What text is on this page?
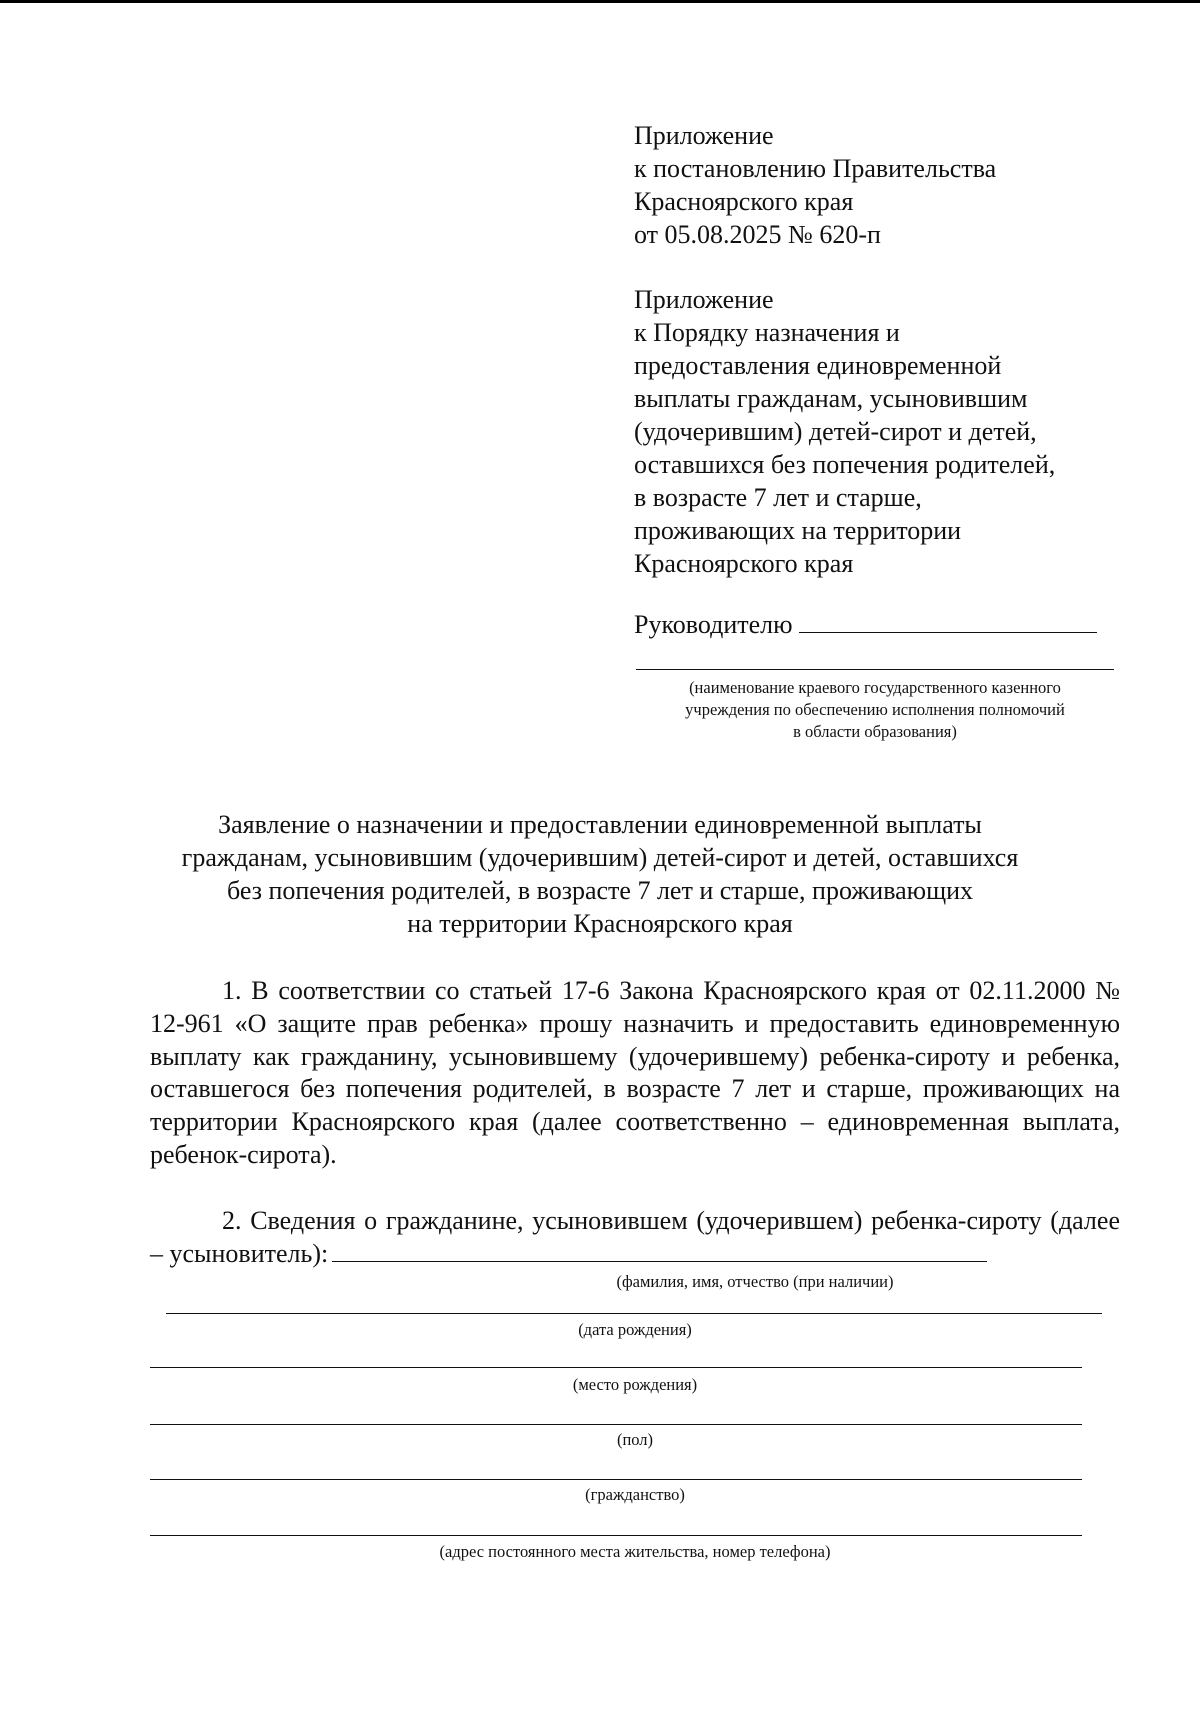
Приложение
к постановлению Правительства
Красноярского края
от 05.08.2025 № 620-п
Приложение
к Порядку назначения и
предоставления единовременной
выплаты гражданам, усыновившим
(удочерившим) детей-сирот и детей,
оставшихся без попечения родителей,
в возрасте 7 лет и старше,
проживающих на территории
Красноярского края
Руководителю
(наименование краевого государственного казенного
учреждения по обеспечению исполнения полномочий
в области образования)
Заявление о назначении и предоставлении единовременной выплаты
гражданам, усыновившим (удочерившим) детей-сирот и детей, оставшихся
без попечения родителей, в возрасте 7 лет и старше, проживающих
на территории Красноярского края
1. В соответствии со статьей 17-6 Закона Красноярского края от 02.11.2000 № 12-961 «О защите прав ребенка» прошу назначить и предоставить единовременную выплату как гражданину, усыновившему (удочерившему) ребенка-сироту и ребенка, оставшегося без попечения родителей, в возрасте 7 лет и старше, проживающих на территории Красноярского края (далее соответственно – единовременная выплата, ребенок-сирота).
2. Сведения о гражданине, усыновившем (удочерившем) ребенка-сироту (далее – усыновитель):
(фамилия, имя, отчество (при наличии)
(дата рождения)
(место рождения)
(пол)
(гражданство)
(адрес постоянного места жительства, номер телефона)
